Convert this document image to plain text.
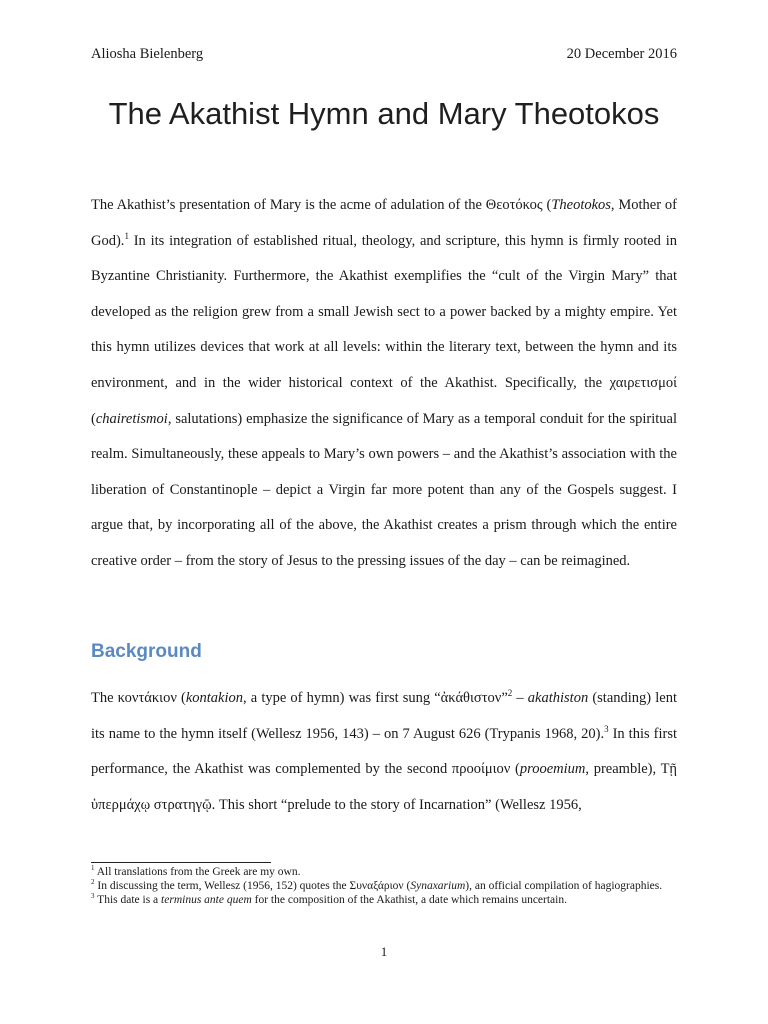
Aliosha Bielenberg	20 December 2016
The Akathist Hymn and Mary Theotokos

The Akathist’s presentation of Mary is the acme of adulation of the Θεοτόκος (Theotokos, Mother of God).$^1$ In its integration of established ritual, theology, and scripture, this hymn is firmly rooted in Byzantine Christianity. Furthermore, the Akathist exemplifies the “cult of the Virgin Mary” that developed as the religion grew from a small Jewish sect to a power backed by a mighty empire. Yet this hymn utilizes devices that work at all levels: within the literary text, between the hymn and its environment, and in the wider historical context of the Akathist. Specifically, the χαιρετισμοί (chairetismoi, salutations) emphasize the significance of Mary as a temporal conduit for the spiritual realm. Simultaneously, these appeals to Mary’s own powers – and the Akathist’s association with the liberation of Constantinople – depict a Virgin far more potent than any of the Gospels suggest. I argue that, by incorporating all of the above, the Akathist creates a prism through which the entire creative order – from the story of Jesus to the pressing issues of the day – can be reimagined.

Background

The κοντάκιον (kontakion, a type of hymn) was first sung “ἀκάθιστον”$^2$ – akathiston (standing) lent its name to the hymn itself (Wellesz 1956, 143) – on 7 August 626 (Trypanis 1968, 20).$^3$ In this first performance, the Akathist was complemented by the second προοίμιον (prooemium, preamble), Τῇ ὑπερμάχῳ στρατηγῷ. This short “prelude to the story of Incarnation” (Wellesz 1956,

$^1$ All translations from the Greek are my own.
$^2$ In discussing the term, Wellesz (1956, 152) quotes the Συναξάριον (Synaxarium), an official compilation of hagiographies.
$^3$ This date is a terminus ante quem for the composition of the Akathist, a date which remains uncertain.
1
